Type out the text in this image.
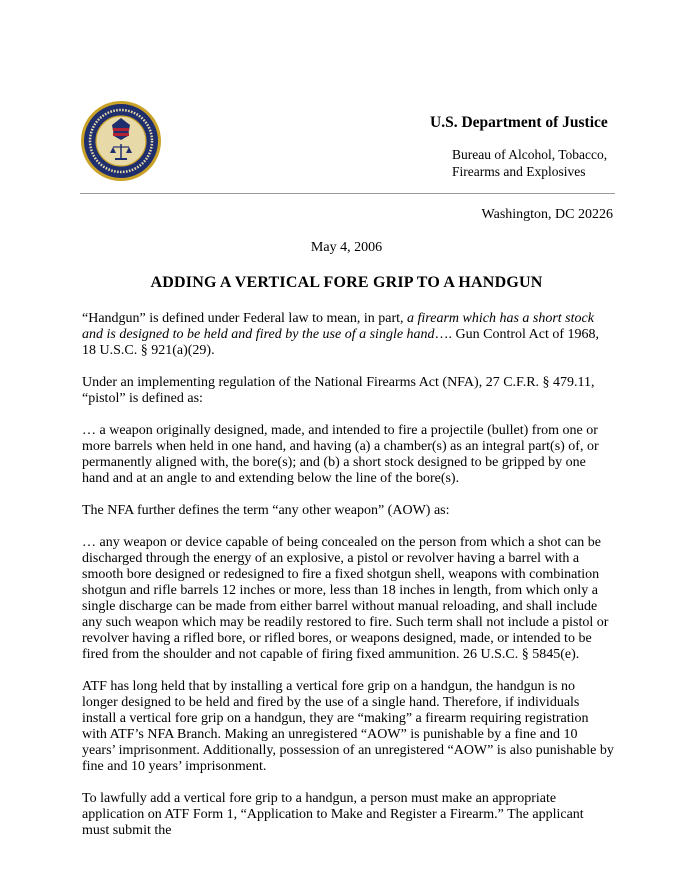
U.S. Department of Justice
Bureau of Alcohol, Tobacco,
Firearms and Explosives
Washington, DC 20226
May 4, 2006
ADDING A VERTICAL FORE GRIP TO A HANDGUN

“Handgun” is defined under Federal law to mean, in part, a firearm which has a short stock and is designed to be held and fired by the use of a single hand…. Gun Control Act of 1968, 18 U.S.C. § 921(a)(29).

Under an implementing regulation of the National Firearms Act (NFA), 27 C.F.R. § 479.11, “pistol” is defined as:

… a weapon originally designed, made, and intended to fire a projectile (bullet) from one or more barrels when held in one hand, and having (a) a chamber(s) as an integral part(s) of, or permanently aligned with, the bore(s); and (b) a short stock designed to be gripped by one hand and at an angle to and extending below the line of the bore(s).

The NFA further defines the term “any other weapon” (AOW) as:

… any weapon or device capable of being concealed on the person from which a shot can be discharged through the energy of an explosive, a pistol or revolver having a barrel with a smooth bore designed or redesigned to fire a fixed shotgun shell, weapons with combination shotgun and rifle barrels 12 inches or more, less than 18 inches in length, from which only a single discharge can be made from either barrel without manual reloading, and shall include any such weapon which may be readily restored to fire. Such term shall not include a pistol or revolver having a rifled bore, or rifled bores, or weapons designed, made, or intended to be fired from the shoulder and not capable of firing fixed ammunition. 26 U.S.C. § 5845(e).

ATF has long held that by installing a vertical fore grip on a handgun, the handgun is no longer designed to be held and fired by the use of a single hand. Therefore, if individuals install a vertical fore grip on a handgun, they are “making” a firearm requiring registration with ATF’s NFA Branch. Making an unregistered “AOW” is punishable by a fine and 10 years’ imprisonment. Additionally, possession of an unregistered “AOW” is also punishable by fine and 10 years’ imprisonment.

To lawfully add a vertical fore grip to a handgun, a person must make an appropriate application on ATF Form 1, “Application to Make and Register a Firearm.” The applicant must submit the
